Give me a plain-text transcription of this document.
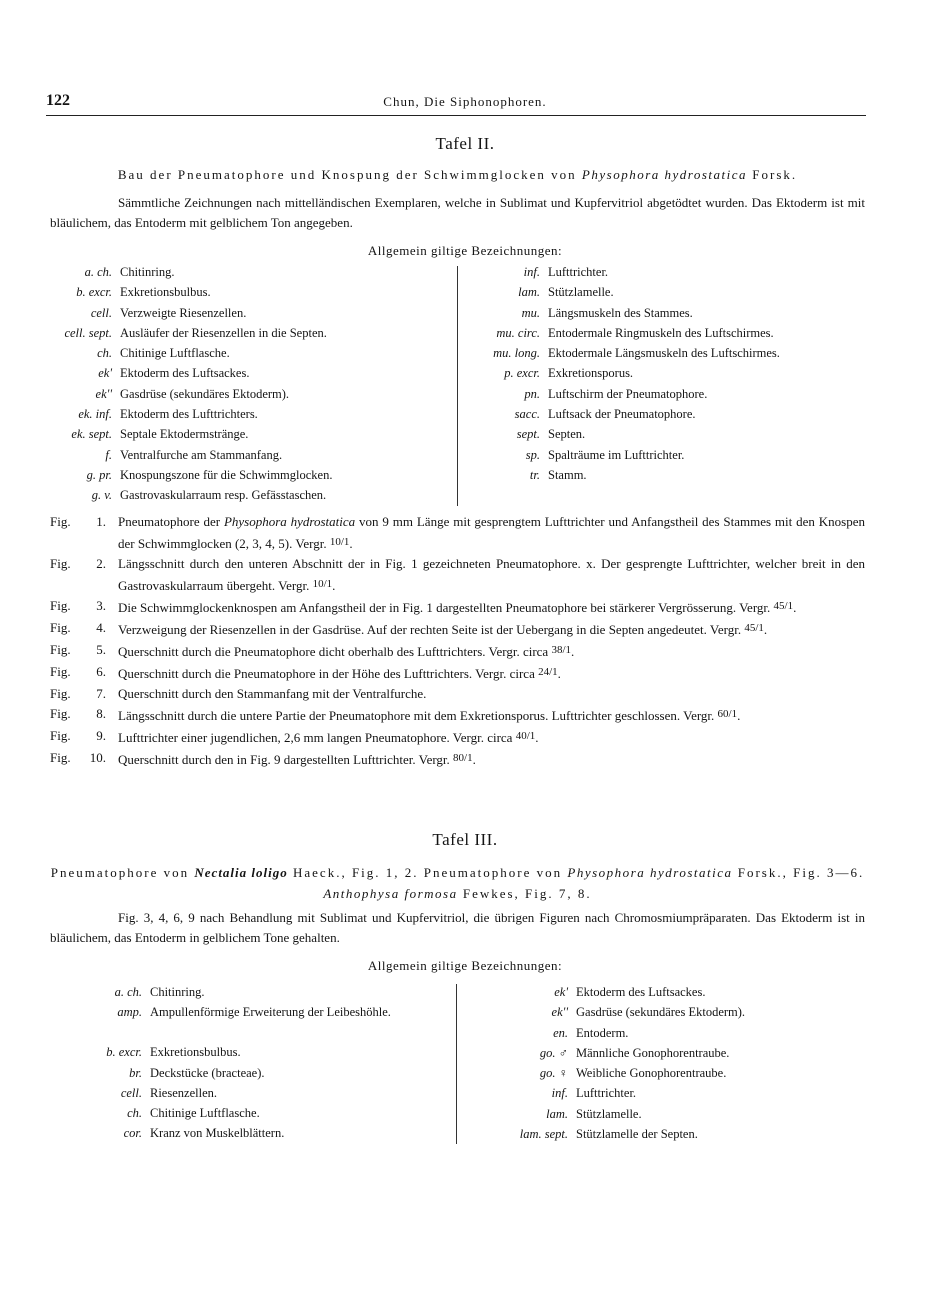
122	Chun, Die Siphonophoren.
Tafel II.
Bau der Pneumatophore und Knospung der Schwimmglocken von Physophora hydrostatica Forsk.
Sämmtliche Zeichnungen nach mittelländischen Exemplaren, welche in Sublimat und Kupfervitriol abgetödtet wurden. Das Ektoderm ist mit bläulichem, das Entoderm mit gelblichem Ton angegeben.
Allgemein giltige Bezeichnungen:
a. ch. Chitinring.
b. excr. Exkretionsbulbus.
cell. Verzweigte Riesenzellen.
cell. sept. Ausläufer der Riesenzellen in die Septen.
ch. Chitinige Luftflasche.
ek' Ektoderm des Luftsackes.
ek'' Gasdrüse (sekundäres Ektoderm).
ek. inf. Ektoderm des Lufttrichters.
ek. sept. Septale Ektodermstränge.
f. Ventralfurche am Stammanfang.
g. pr. Knospungszone für die Schwimmglocken.
g. v. Gastrovaskularraum resp. Gefässtaschen.
inf. Lufttrichter.
lam. Stützlamelle.
mu. Längsmuskeln des Stammes.
mu. circ. Entodermale Ringmuskeln des Luftschirmes.
mu. long. Ektodermale Längsmuskeln des Luftschirmes.
p. excr. Exkretionsporus.
pn. Luftschirm der Pneumatophore.
sacc. Luftsack der Pneumatophore.
sept. Septen.
sp. Spalträume im Lufttrichter.
tr. Stamm.
Fig. 1. Pneumatophore der Physophora hydrostatica von 9 mm Länge mit gesprengtem Lufttrichter und Anfangstheil des Stammes mit den Knospen der Schwimmglocken (2, 3, 4, 5). Vergr. $^{10/1}$.
Fig. 2. Längsschnitt durch den unteren Abschnitt der in Fig. 1 gezeichneten Pneumatophore. x. Der gesprengte Lufttrichter, welcher breit in den Gastrovaskularraum übergeht. Vergr. $^{10/1}$.
Fig. 3. Die Schwimmglockenknospen am Anfangstheil der in Fig. 1 dargestellten Pneumatophore bei stärkerer Vergrösserung. Vergr. $^{45/1}$.
Fig. 4. Verzweigung der Riesenzellen in der Gasdrüse. Auf der rechten Seite ist der Uebergang in die Septen angedeutet. Vergr. $^{45/1}$.
Fig. 5. Querschnitt durch die Pneumatophore dicht oberhalb des Lufttrichters. Vergr. circa $^{38/1}$.
Fig. 6. Querschnitt durch die Pneumatophore in der Höhe des Lufttrichters. Vergr. circa $^{24/1}$.
Fig. 7. Querschnitt durch den Stammanfang mit der Ventralfurche.
Fig. 8. Längsschnitt durch die untere Partie der Pneumatophore mit dem Exkretionsporus. Lufttrichter geschlossen. Vergr. $^{60/1}$.
Fig. 9. Lufttrichter einer jugendlichen, 2,6 mm langen Pneumatophore. Vergr. circa $^{40/1}$.
Fig. 10. Querschnitt durch den in Fig. 9 dargestellten Lufttrichter. Vergr. $^{80/1}$.
Tafel III.
Pneumatophore von Nectalia loligo Haeck., Fig. 1, 2. Pneumatophore von Physophora hydrostatica Forsk., Fig. 3—6. Anthophysa formosa Fewkes, Fig. 7, 8.
Fig. 3, 4, 6, 9 nach Behandlung mit Sublimat und Kupfervitriol, die übrigen Figuren nach Chromosmiumpräparaten. Das Ektoderm ist in bläulichem, das Entoderm in gelblichem Tone gehalten.
Allgemein giltige Bezeichnungen:
a. ch. Chitinring.
amp. Ampullenförmige Erweiterung der Leibeshöhle.
b. excr. Exkretionsbulbus.
br. Deckstücke (bracteae).
cell. Riesenzellen.
ch. Chitinige Luftflasche.
cor. Kranz von Muskelblättern.
ek' Ektoderm des Luftsackes.
ek'' Gasdrüse (sekundäres Ektoderm).
en. Entoderm.
go. ♂ Männliche Gonophorentraube.
go. ♀ Weibliche Gonophorentraube.
inf. Lufttrichter.
lam. Stützlamelle.
lam. sept. Stützlamelle der Septen.
